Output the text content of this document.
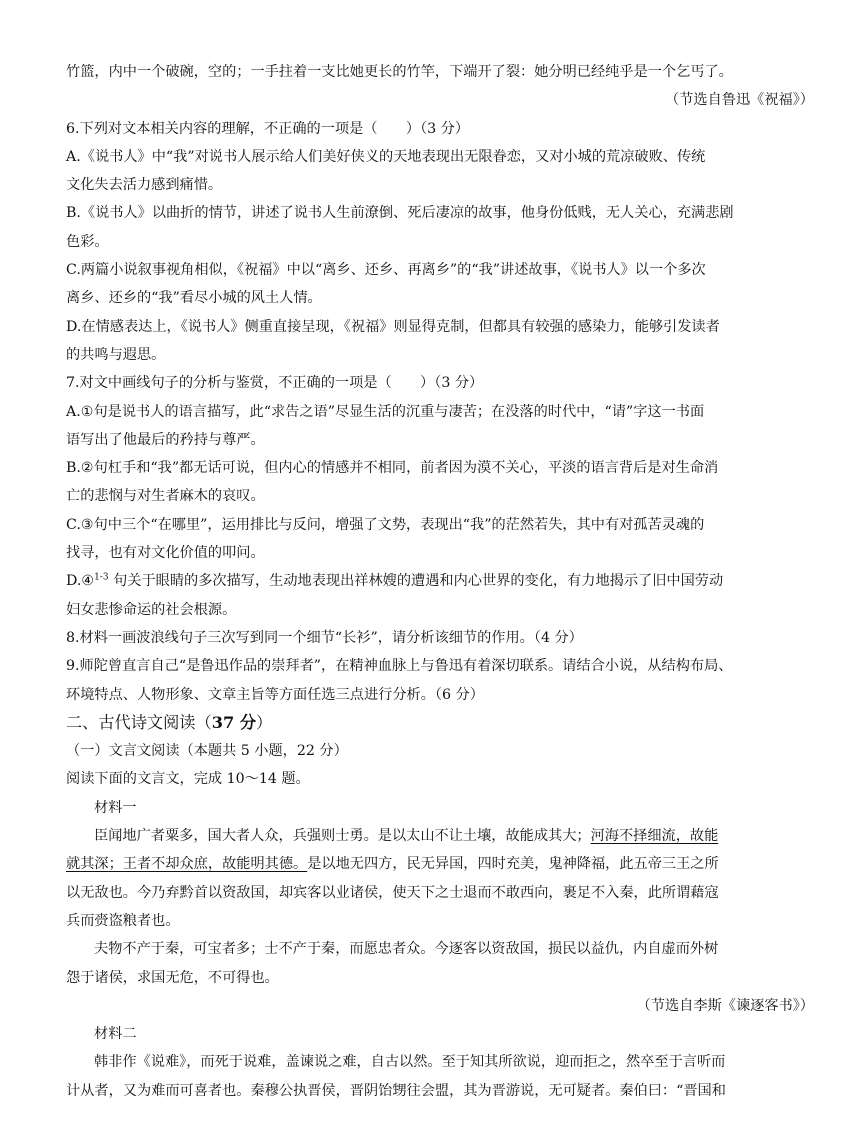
竹篮，内中一个破碗，空的；一手拄着一支比她更长的竹竿，下端开了裂：她分明已经纯乎是一个乞丐了。
（节选自鲁迅《祝福》）
6.下列对文本相关内容的理解，不正确的一项是（　　）（3 分）
A.《说书人》中“我”对说书人展示给人们美好侠义的天地表现出无限眷恋，又对小城的荒凉破败、传统
文化失去活力感到痛惜。
B.《说书人》以曲折的情节，讲述了说书人生前潦倒、死后凄凉的故事，他身份低贱，无人关心，充满悲剧
色彩。
C.两篇小说叙事视角相似，《祝福》中以“离乡、还乡、再离乡”的“我”讲述故事，《说书人》以一个多次
离乡、还乡的“我”看尽小城的风土人情。
D.在情感表达上，《说书人》侧重直接呈现，《祝福》则显得克制，但都具有较强的感染力，能够引发读者
的共鸣与遐思。
7.对文中画线句子的分析与鉴赏，不正确的一项是（　　）（3 分）
A.①句是说书人的语言描写，此“求告之语”尽显生活的沉重与凄苦；在没落的时代中，“请”字这一书面
语写出了他最后的矜持与尊严。
B.②句杠手和“我”都无话可说，但内心的情感并不相同，前者因为漠不关心，平淡的语言背后是对生命消
亡的悲悯与对生者麻木的哀叹。
C.③句中三个“在哪里”，运用排比与反问，增强了文势，表现出“我”的茫然若失，其中有对孤苦灵魂的
找寻，也有对文化价值的叩问。
D.④$^{1-3}$ 句关于眼睛的多次描写，生动地表现出祥林嫂的遭遇和内心世界的变化，有力地揭示了旧中国劳动
妇女悲惨命运的社会根源。
8.材料一画波浪线句子三次写到同一个细节“长衫”，请分析该细节的作用。（4 分）
9.师陀曾直言自己“是鲁迅作品的崇拜者”，在精神血脉上与鲁迅有着深切联系。请结合小说，从结构布局、
环境特点、人物形象、文章主旨等方面任选三点进行分析。（6 分）
二、古代诗文阅读（37 分）
（一）文言文阅读（本题共 5 小题，22 分）
阅读下面的文言文，完成 10～14 题。
材料一
臣闻地广者粟多，国大者人众，兵强则士勇。是以太山不让土壤，故能成其大；河海不择细流，故能
就其深；王者不却众庶，故能明其德。是以地无四方，民无异国，四时充美，鬼神降福，此五帝三王之所
以无敌也。今乃弃黔首以资敌国，却宾客以业诸侯，使天下之士退而不敢西向，裹足不入秦，此所谓藉寇
兵而赍盗粮者也。
夫物不产于秦，可宝者多；士不产于秦，而愿忠者众。今逐客以资敌国，损民以益仇，内自虚而外树
怨于诸侯，求国无危，不可得也。
（节选自李斯《谏逐客书》）
材料二
韩非作《说难》，而死于说难，盖谏说之难，自古以然。至于知其所欲说，迎而拒之，然卒至于言听而
计从者，又为难而可喜者也。秦穆公执晋侯，晋阴饴甥往会盟，其为晋游说，无可疑者。秦伯曰：“晋国和
